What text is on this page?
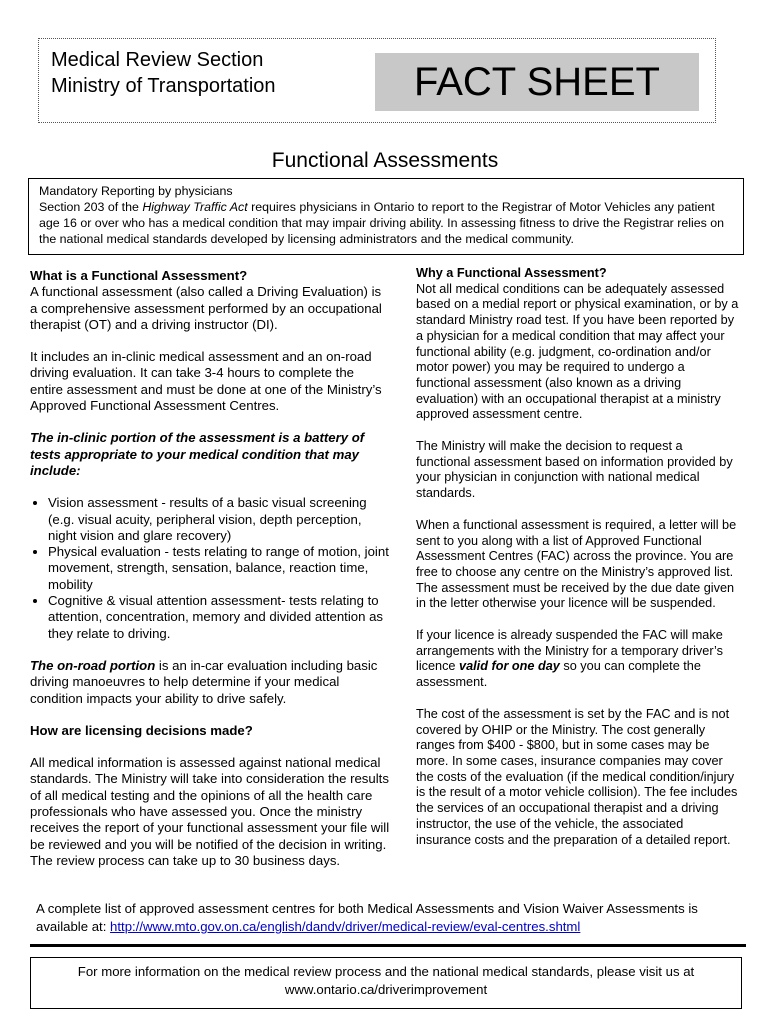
Medical Review Section
Ministry of Transportation	FACT SHEET
Functional Assessments
Mandatory Reporting by physicians
Section 203 of the Highway Traffic Act requires physicians in Ontario to report to the Registrar of Motor Vehicles any patient age 16 or over who has a medical condition that may impair driving ability. In assessing fitness to drive the Registrar relies on the national medical standards developed by licensing administrators and the medical community.
What is a Functional Assessment?

A functional assessment (also called a Driving Evaluation) is a comprehensive assessment performed by an occupational therapist (OT) and a driving instructor (DI).

It includes an in-clinic medical assessment and an on-road driving evaluation. It can take 3-4 hours to complete the entire assessment and must be done at one of the Ministry’s Approved Functional Assessment Centres.

The in-clinic portion of the assessment is a battery of tests appropriate to your medical condition that may include:

• Vision assessment - results of a basic visual screening (e.g. visual acuity, peripheral vision, depth perception, night vision and glare recovery)
• Physical evaluation - tests relating to range of motion, joint movement, strength, sensation, balance, reaction time, mobility
• Cognitive & visual attention assessment- tests relating to attention, concentration, memory and divided attention as they relate to driving.

The on-road portion is an in-car evaluation including basic driving manoeuvres to help determine if your medical condition impacts your ability to drive safely.

How are licensing decisions made?

All medical information is assessed against national medical standards. The Ministry will take into consideration the results of all medical testing and the opinions of all the health care professionals who have assessed you. Once the ministry receives the report of your functional assessment your file will be reviewed and you will be notified of the decision in writing. The review process can take up to 30 business days.

Why a Functional Assessment?

Not all medical conditions can be adequately assessed based on a medial report or physical examination, or by a standard Ministry road test. If you have been reported by a physician for a medical condition that may affect your functional ability (e.g. judgment, co-ordination and/or motor power) you may be required to undergo a functional assessment (also known as a driving evaluation) with an occupational therapist at a ministry approved assessment centre.

The Ministry will make the decision to request a functional assessment based on information provided by your physician in conjunction with national medical standards.

When a functional assessment is required, a letter will be sent to you along with a list of Approved Functional Assessment Centres (FAC) across the province. You are free to choose any centre on the Ministry’s approved list. The assessment must be received by the due date given in the letter otherwise your licence will be suspended.

If your licence is already suspended the FAC will make arrangements with the Ministry for a temporary driver’s licence valid for one day so you can complete the assessment.

The cost of the assessment is set by the FAC and is not covered by OHIP or the Ministry. The cost generally ranges from $400 - $800, but in some cases may be more. In some cases, insurance companies may cover the costs of the evaluation (if the medical condition/injury is the result of a motor vehicle collision). The fee includes the services of an occupational therapist and a driving instructor, the use of the vehicle, the associated insurance costs and the preparation of a detailed report.

A complete list of approved assessment centres for both Medical Assessments and Vision Waiver Assessments is available at: http://www.mto.gov.on.ca/english/dandv/driver/medical-review/eval-centres.shtml
For more information on the medical review process and the national medical standards, please visit us at
www.ontario.ca/driverimprovement
